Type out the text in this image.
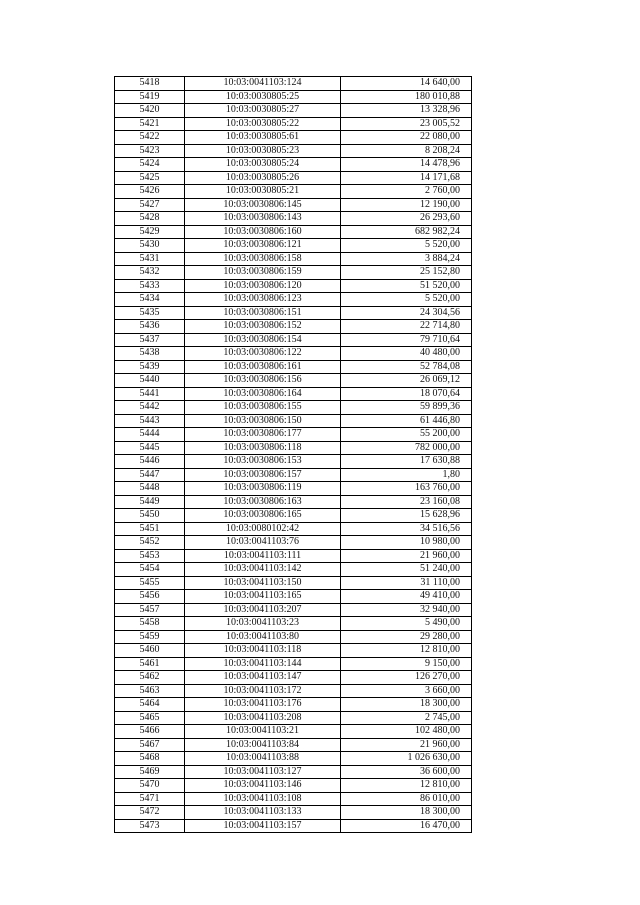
5418	10:03:0041103:124	14 640,00
5419	10:03:0030805:25	180 010,88
5420	10:03:0030805:27	13 328,96
5421	10:03:0030805:22	23 005,52
5422	10:03:0030805:61	22 080,00
5423	10:03:0030805:23	8 208,24
5424	10:03:0030805:24	14 478,96
5425	10:03:0030805:26	14 171,68
5426	10:03:0030805:21	2 760,00
5427	10:03:0030806:145	12 190,00
5428	10:03:0030806:143	26 293,60
5429	10:03:0030806:160	682 982,24
5430	10:03:0030806:121	5 520,00
5431	10:03:0030806:158	3 884,24
5432	10:03:0030806:159	25 152,80
5433	10:03:0030806:120	51 520,00
5434	10:03:0030806:123	5 520,00
5435	10:03:0030806:151	24 304,56
5436	10:03:0030806:152	22 714,80
5437	10:03:0030806:154	79 710,64
5438	10:03:0030806:122	40 480,00
5439	10:03:0030806:161	52 784,08
5440	10:03:0030806:156	26 069,12
5441	10:03:0030806:164	18 070,64
5442	10:03:0030806:155	59 899,36
5443	10:03:0030806:150	61 446,80
5444	10:03:0030806:177	55 200,00
5445	10:03:0030806:118	782 000,00
5446	10:03:0030806:153	17 630,88
5447	10:03:0030806:157	1,80
5448	10:03:0030806:119	163 760,00
5449	10:03:0030806:163	23 160,08
5450	10:03:0030806:165	15 628,96
5451	10:03:0080102:42	34 516,56
5452	10:03:0041103:76	10 980,00
5453	10:03:0041103:111	21 960,00
5454	10:03:0041103:142	51 240,00
5455	10:03:0041103:150	31 110,00
5456	10:03:0041103:165	49 410,00
5457	10:03:0041103:207	32 940,00
5458	10:03:0041103:23	5 490,00
5459	10:03:0041103:80	29 280,00
5460	10:03:0041103:118	12 810,00
5461	10:03:0041103:144	9 150,00
5462	10:03:0041103:147	126 270,00
5463	10:03:0041103:172	3 660,00
5464	10:03:0041103:176	18 300,00
5465	10:03:0041103:208	2 745,00
5466	10:03:0041103:21	102 480,00
5467	10:03:0041103:84	21 960,00
5468	10:03:0041103:88	1 026 630,00
5469	10:03:0041103:127	36 600,00
5470	10:03:0041103:146	12 810,00
5471	10:03:0041103:108	86 010,00
5472	10:03:0041103:133	18 300,00
5473	10:03:0041103:157	16 470,00
